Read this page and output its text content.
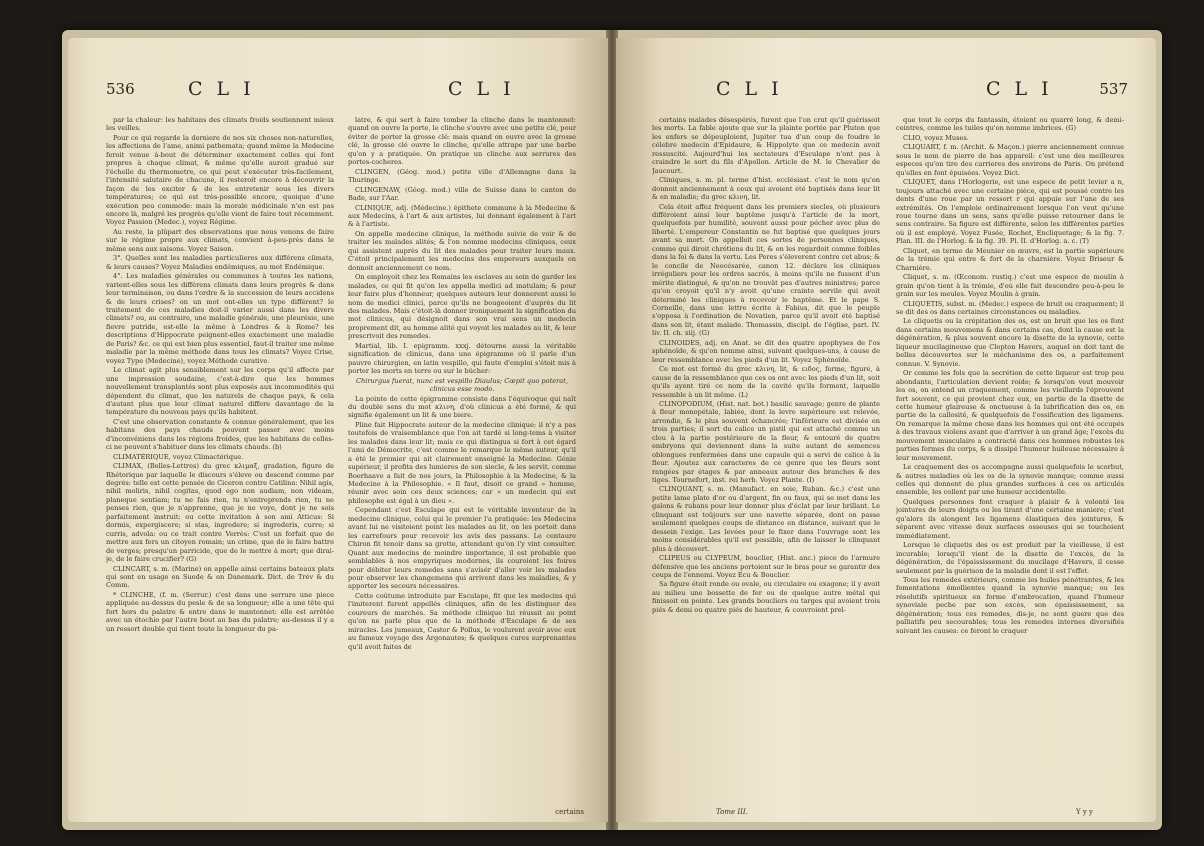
536	CLI	CLI

par la chaleur: les habitans des climats froids soutiennent mieux les veilles.

Pour ce qui regarde la derniere de nos six choses non-naturelles, les affections de l'ame, animi pathemata; quand même la Medecine feroit venue à-bout de déterminer exactement celles qui font propres à chaque climat, & même qu'elle auroit gradué sur l'échelle du thermometre, ce qui peut s'exécuter très-facilement, l'intensité salutaire de chacune, il resteroit encore à découvrir la façon de les exciter & de les entretenir sous les divers températures; ce qui est très-possible encore, quoique d'une exécution peu commode: mais la morale médicinale n'en est pas encore là, malgré les progrès qu'elle vient de faire tout récemment. Voyez Passion (Medec.), voyez Régime.

Au reste, la plûpart des observations que nous venons de faire sur le régime propre aux climats, convient à-peu-près dans le même sens aux saisons. Voyez Saison.

3°. Quelles sont les maladies particulieres aux différens climats, & leurs causes? Voyez Maladies endémiques, au mot Endémique.

4°. Les maladies générales ou communes à toutes les nations, varient-elles sous les différens climats dans leurs progrès & dans leur terminaison, ou dans l'ordre & la succession de leurs accidens & de leurs crises? on un mot ont-elles un type différent? le traitement de ces maladies doit-il varier aussi dans les divers climats? ou, au contraire, une maladie générale, une pleurésie, une fievre putride, est-elle la même à Londres & à Rome? les descriptions d'Hippocrate peignent-elles exactement une maladie de Paris? &c. ce qui est bien plus essentiel, faut-il traiter une même maladie par la même méthode dans tous les climats? Voyez Crise, voyez Type (Medecine), voyez Méthode curative.

Le climat agit plus sensiblement sur les corps qu'il affecte par une impression soudaine, c'est-à-dire que les hommes nouvellement transplantés sont plus exposés aux incommodités qui dépendent du climat, que les naturels de chaque pays, & cela d'autant plus que leur climat naturel differe davantage de la température du nouveau pays qu'ils habitent.

C'est une observation constante & connue généralement, que les habitans des pays chauds peuvent passer avec moins d'inconvéniens dans les régions froides, que les habitans de celles-ci ne peuvent s'habituer dans les climats chauds. (b)

CLIMATÉRIQUE, voyez Climactérique.

CLIMAX, (Belles-Lettres) du grec κλιμαξ, gradation, figure de Rhétorique par laquelle le discours s'éleve ou descend comme par degrés: telle est cette pensée de Ciceron contre Catilina: Nihil agis, nihil moliris, nihil cogitas, quod ego non audiam, non videam, planeque sentiam; tu ne fais rien, tu n'entreprends rien, tu ne penses rien, que je n'apprenne, que je ne voye, dont je ne sois parfaitement instruit: ou cette invitation à son ami Atticus: Si dormis, expergiscere; si stas, ingredere; si ingrederis, curre; si curris, advola: ou ce trait contre Verrès: C'est un forfait que de mettre aux fers un citoyen romain; un crime, que de le faire battre de verges; presqu'un parricide, que de le mettre à mort; que dirai-je, de le faire crucifier? (G)

CLINCART, s. m. (Marine) on appelle ainsi certains bateaux plats qui sont en usage en Suede & en Danemark. Dict. de Trév & du Comm.

* CLINCHE, (f. m. (Serrur.) c'est dans une serrure une piece appliquée au-dessus du pesle & de sa longueur; elle a une tête qui fort hors du palatre & entre dans le mantonnet: elle est arrêtée avec un étochio par l'autre bout au bas du palatre; au-dessus il y a un ressort double qui tient toute la longueur du pa-

latre, & qui sert à faire tomber la clinche dans le mantonnet: quand on ouvre la porte, le clinche s'ouvre avec une petite clé, pour éviter de porter la grosse clé: mais quand on ouvre avec la grosse clé, la grosse clé ouvre le clinche, qu'elle attrape par une barbe qu'on y a pratiquée. On pratique un clinche aux serrures des portes-cocheres.

CLINGEN, (Géog. mod.) petite ville d'Allemagne dans la Thuringe.

CLINGENAW, (Géog. mod.) ville de Suisse dans le canton de Bade, sur l'Aar.

CLINIQUE, adj. (Médecine.) épithete commune à la Medecine & aux Medecins, à l'art & aux artistes, lui donnant également à l'art & à l'artiste.

On appelle medecine clinique, la méthode suivie de voir & de traiter les malades alités; & l'on nomme medecins cliniques, ceux qui assistent auprès du lit des malades pour traiter leurs maux. C'étoit principalement les medecins des empereurs auxquels on donnoit anciennement ce nom.

On employoit chez les Romains les esclaves au soin de garder les malades, ce qui fit qu'on les appella medici ad matulam; & pour leur faire plus d'honneur, quelques auteurs leur donnerent aussi le nom de medici clinici, parce qu'ils ne bougeoient d'auprès du lit des malades. Mais c'étoit-là donner ironiquement la signification du mot clinicus, qui désignoit dans son vrai sens un medecin proprement dit, au homme alité qui voyoit les malades au lit, & leur prescrivoit des remedes.

Martial, lib. I. epigramm. xxxj. détourne aussi la véritable signification de clinicus, dans une épigramme où il parle d'un pauvre chirurgien, en latin vespillo, qui faute d'emploi s'étoit mis à porter les morts en terre ou sur le bûcher:

Chirurgus fuerat, nunc est vespillo Diaulus; Cœpit quo poterat, clinicus esse modo.

La pointe de cette épigramme consiste dans l'équivoque qui naît du double sens du mot κλινη, d'où clinicus a été formé, & qui signifie également un lit & une biere.

Pline fait Hippocrate auteur de la medecine clinique: il n'y a pas toutefois de vraisemblance que l'on ait tardé si long-tems à visiter les malades dans leur lit; mais ce qui distingua si fort à cet égard l'ami de Démocrite, c'est comme le remarque le même auteur, qu'il a été le premier qui ait clairement enseigné la Medecine. Génie supérieur, il profita des lumieres de son siecle, & les servit. comme Boerhaave a fait de nos jours, la Philosophie à la Medecine, & la Medecine à la Philosophie. « Il faut, disoit ce grand » homme, réunir avec soin ces deux sciences; car » un medecin qui est philosophe est égal à un dieu ».

Cependant c'est Esculape qui est le véritable inventeur de la medecine clinique, celui qui le premier l'a pratiquée: les Medecins avant lui ne visitoient point les malades au lit, on les portoit dans les carrefours pour recevoir les avis des passans. Le centaure Chiron fit tenoir dans sa grotte, attendant qu'on l'y vint consulter. Quant aux medecins de moindre importance, il est probable que semblables à nos empyriques modernes, ils couroient les foires pour débiter leurs remedes sans s'avisér d'aller voir les malades pour observer les changemens qui arrivent dans les maladies, & y apporter les secours nécessaires.

Cette coûtume introduite par Esculape, fit que les medecins qui l'imiterent furent appellés cliniques, afin de les distinguer des coureurs de marchés. Sa méthode clinique lui réussit au point qu'on ne parle plus que de la méthode d'Esculape & de ses miracles. Les jumeaux, Castor & Pollux, le voulurent avoir avec eux au fameux voyage des Argonautes; & quelques cures surprenantes qu'il avoit faites de

certains
CLI	CLI 537

certains malades désespérés, furent que l'on crut qu'il guérissoit les morts. La fable ajoute que sur la plainte portée par Pluton que les enfers se dépeuploient, Jupiter tua d'un coup de foudre le célebre medecin d'Epidaure, & Hippolyte que ce medecin avoit ressuscité. Aujourd'hui les sectateurs d'Esculape n'ont pas à craindre le sort du fils d'Apollon. Article de M. le Chevalier de Jaucourt.

Cliniques, s. m. pl. terme d'hist. ecclésiast. c'est le nom qu'on donnoit anciennement à ceux qui avoient été baptisés dans leur lit & en maladie; du grec κλινη, lit.

Cela étoit affez fréquent dans les premiers siecles, où plusieurs différoient ainsi leur baptême jusqu'à l'article de la mort, quelquefois par humilité, souvent aussi pour pécher avec plus de liberté. L'empereur Constantin ne fut baptisé que quelques jours avant sa mort. On appelloit ces sortes de personnes cliniques, comme qui diroit chrétiens du lit, & on les regardoit comme foibles dans la foi & dans la vertu. Les Peres s'éleverent contre cet abus; & le concile de Neocésarée, canon 12. déclare les cliniques irréguliers pour les ordres sacrés, à moins qu'ils ne fussent d'un mérite distingué, & qu'on ne trouvât pas d'autres ministres; parce qu'on croyoit qu'il n'y avoit qu'une crainte servile qui avoit déterminé les cliniques à recevoir le baptême. Et le pape S. Corneille, dans une lettre écrite à Fabius, dit que le peuple s'opposa à l'ordination de Novatien, parce qu'il avoit été baptisé dans son lit, étant malade. Thomassin, discipl. de l'église, part. IV. liv. II. ch. xiij. (G)

CLINOIDES, adj. en Anat. se dit des quatre apophyses de l'os sphénoïde, & qu'on nomme ainsi, suivant quelques-uns, à cause de leur ressemblance avec les pieds d'un lit. Voyez Sphénoïde.

Ce mot est formé du grec κλινη, lit, & ειδος, forme, figure, à cause de la ressemblance que ces os ont avec les pieds d'un lit, soit qu'ils ayent tiré ce nom de la cavité qu'ils forment, laquelle ressemble à un lit même. (L)

CLINOPODIUM, (Hist. nat. bot.) basilic sauvage; genre de plante à fleur monopétale, labiée, dont la levre supérieure est relevée, arrondie, & le plus souvent échancrée; l'inférieure est divisée en trois parties; il sort du calice un pistil qui est attaché comme un clou à la partie postérieure de la fleur, & entouré de quatre embryons qui deviennent dans la suite autant de semences oblongues renfermées dans une capsule qui a servi de calice à la fleur. Ajoutez aux caracteres de ce genre que les fleurs sont rangées par étages & par anneaux autour des branches & des tiges. Tournefort, inst. rei herb. Voyez Plante. (I)

CLINQUANT, s. m. (Manufact. en soie, Ruban. &c.) c'est une petite lame plate d'or ou d'argent, fin ou faux, qui se met dans les galons & rubans pour leur donner plus d'éclat par leur brillant. Le clinquant est toûjours sur une navette séparée, dont on passe seulement quelques coups de distance en distance, suivant que le dessein l'exige. Les levées pour le fixer dans l'ouvrage sont les moins considérables qu'il est possible, afin de laisser le clinquant plus à découvert.

CLIPEUS ou CLYPEUM, bouclier, (Hist. anc.) piece de l'armure défensive que les anciens portoient sur le bras pour se garantir des coups de l'ennemi. Voyez Ecu & Bouclier.

Sa figure étoit ronde ou ovale, ou circulaire ou exagone; il y avoit au milieu une bossette de fer ou de quelque autre métal qui finissoit en pointe. Les grands boucliers ou targes qui avoient trois piés & demi ou quatre piés de hauteur, & couvroient prel-

que tout le corps du fantassin, étoient ou quarré long, & demi-ceintres, comme les tuiles qu'on nomme imbrices. (G)

CLIO, voyez Muses.

CLIQUART, f. m. (Archit. & Maçon.) pierre anciennement connue sous le nom de pierre de bas appareil: c'est une des meilleures especes qu'on tire des carrieres des environs de Paris. On prétend qu'elles en font épuisées. Voyez Dict.

CLIQUET, dans l'Horlogerie, est une espece de petit levier a n, toujours attaché avec une certaine pièce, qui est poussé contre les dents d'une roue par un ressort r qui appuie sur l'une de ses extrémités. On l'emploie ordinairement lorsque l'on veut qu'une roue tourne dans un sens, sans qu'elle puisse retourner dans le sens contraire. Sa figure est différente, selon les différentes parties où il est employé. Voyez Fusée, Rochet, Encliquetage; & la fig. 7. Plan. III. de l'Horlog. & la fig. 39. Pl. II. d'Horlog. a. c. (T)

Cliquet, en terme de Meunier en œuvre, est la partie supérieure de la trémie qui entre & fort de la charnière. Voyez Briseur & Charnière.

Cliquet, s. m. (Œconom. rustiq.) c'est une espece de moulin à grain qu'on tient à la trémie, d'où elle fait descendre peu-à-peu le grain sur les meules. Voyez Moulin à grain.

CLIQUETIS, subst. m. (Medec.) espece de bruit ou craquement; il se dit des os dans certaines circonstances ou maladies.

Le cliquetis ou la crépitation des os, est un bruit que les os font dans certains mouvemens & dans certains cas, dont la cause est la dégénération, & plus souvent encore la disette de la synovie, cette liqueur mucilagineuse que Clopton Havers, auquel on doit tant de belles découvertes sur le méchanisme des os, a parfaitement connue. V. Synovie.

Or comme les fols que la secrétion de cette liqueur est trop peu abondante, l'articulation devient roide; & lorsqu'on veut mouvoir les os, on entend un craquement, comme les vieillards l'éprouvent fort souvent, ce qui provient chez eux, en partie de la disette de cette humeur glaireuse & onctueuse à la lubrification des os, en partie de la callosité, & quelquefois de l'ossification des ligamens. On remarque la même chose dans les hommes qui ont été occupés à des travaux violens avant que d'arriver à un grand âge; l'excès du mouvement musculaire a contracté dans ces hommes robustes les parties fermes du corps, & a dissipé l'humeur huileuse nécessaire à leur mouvement.

Le craquement des os accompagne aussi quelquefois le scorbut, & autres maladies où les os de la synovie manque; comme aussi celles qui donnent de plus grandes surfaces à ces os articulés ensemble, les collent par une humeur accidentelle.

Quelques personnes font craquer à plaisir & à volonté les jointures de leurs doigts ou les tirant d'une certaine maniere; c'est qu'alors ils alongent les ligamens élastiques des jointures, & séparent avec vitesse deux surfaces osseuses qui se touchoient immédiatement.

Lorsque le cliquetis des os est produit par la vieillesse, il est incurable; lorsqu'il vient de la disette de l'excès, de la dégénération, de l'épaississement du mucilage d'Havers, il cesse seulement par la guérison de la maladie dont il est l'effet.

Tous les remedes extérieurs, comme les huiles pénétrantes, & les fomentations émollientes quand la synovie manque; ou les résolutifs spiritueux en forme d'embrocation, quand l'humeur synoviale peche par son excès, son épaississement, sa dégénération; tous ces remedes, dis-je, ne sont guere que des palliatifs peu secourables; tous les remedes internes diversifiés suivant les causes: ce feront le craquer

Tome III.	Y y y
